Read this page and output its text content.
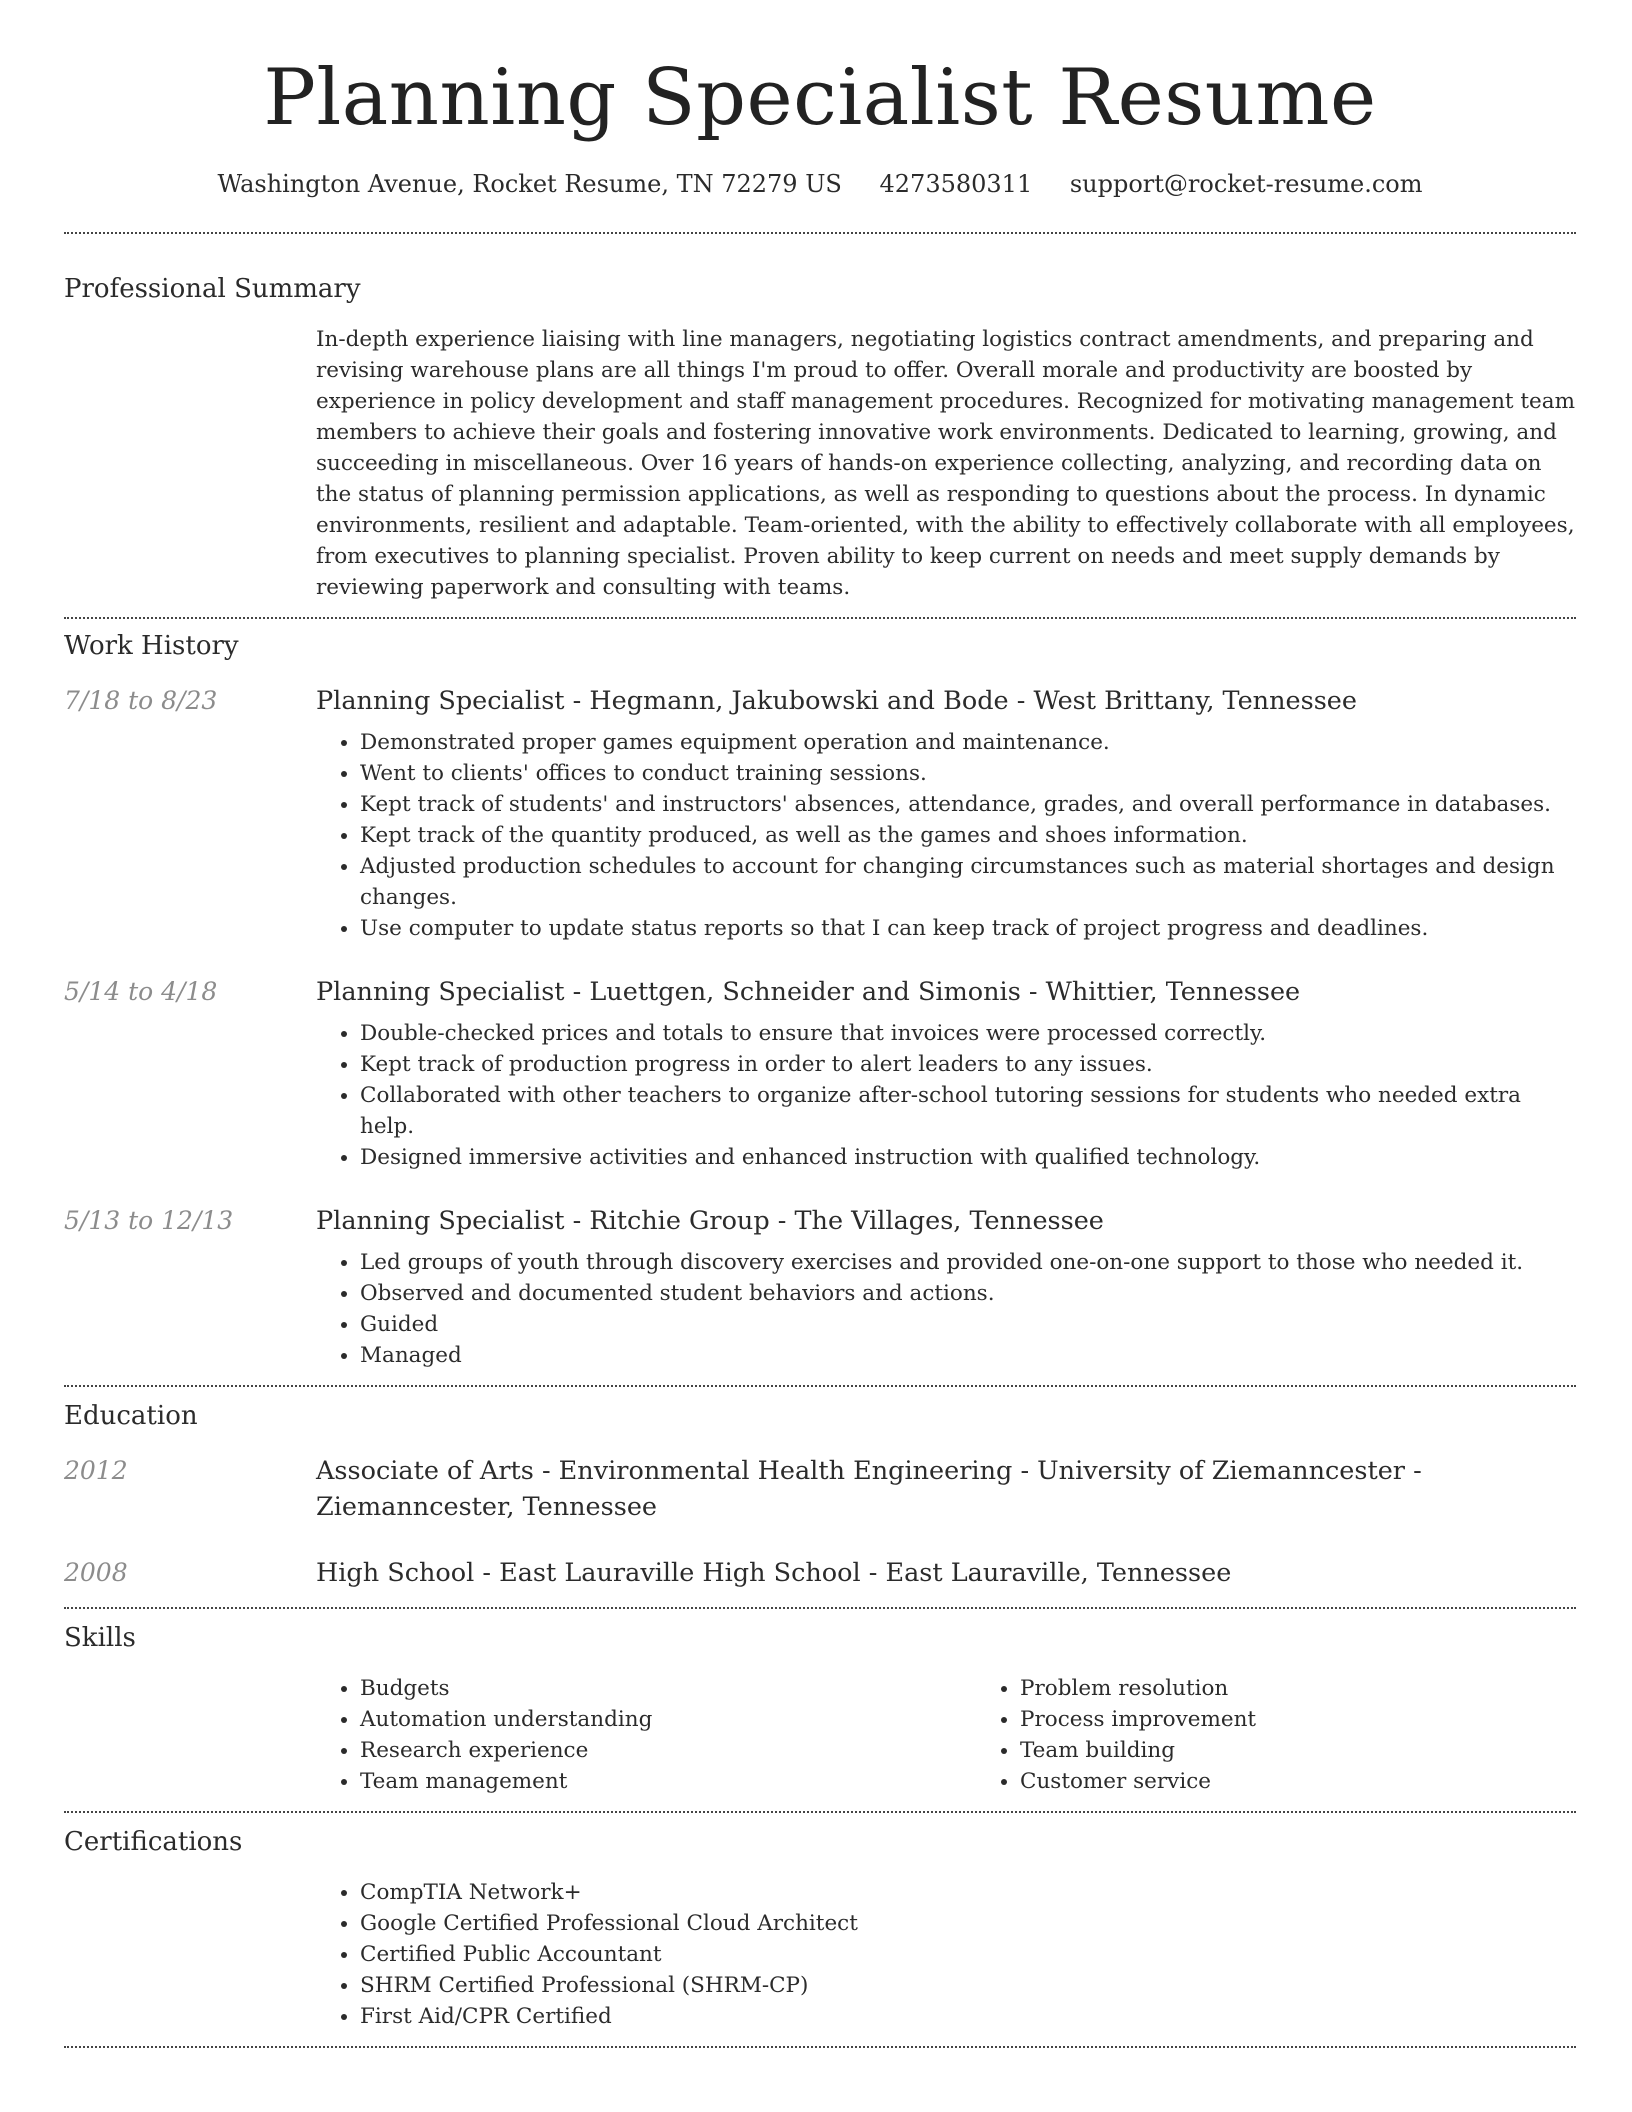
Planning Specialist Resume
Washington Avenue, Rocket Resume, TN 72279 US 4273580311 support@rocket-resume.com
Professional Summary

In-depth experience liaising with line managers, negotiating logistics contract amendments, and preparing and revising warehouse plans are all things I'm proud to offer. Overall morale and productivity are boosted by experience in policy development and staff management procedures. Recognized for motivating management team members to achieve their goals and fostering innovative work environments. Dedicated to learning, growing, and succeeding in miscellaneous. Over 16 years of hands-on experience collecting, analyzing, and recording data on the status of planning permission applications, as well as responding to questions about the process. In dynamic environments, resilient and adaptable. Team-oriented, with the ability to effectively collaborate with all employees, from executives to planning specialist. Proven ability to keep current on needs and meet supply demands by reviewing paperwork and consulting with teams.

Work History
7/18 to 8/23	Planning Specialist - Hegmann, Jakubowski and Bode - West Brittany, Tennessee
• Demonstrated proper games equipment operation and maintenance.
• Went to clients' offices to conduct training sessions.
• Kept track of students' and instructors' absences, attendance, grades, and overall performance in databases.
• Kept track of the quantity produced, as well as the games and shoes information.
• Adjusted production schedules to account for changing circumstances such as material shortages and design changes.
• Use computer to update status reports so that I can keep track of project progress and deadlines.
5/14 to 4/18	Planning Specialist - Luettgen, Schneider and Simonis - Whittier, Tennessee
• Double-checked prices and totals to ensure that invoices were processed correctly.
• Kept track of production progress in order to alert leaders to any issues.
• Collaborated with other teachers to organize after-school tutoring sessions for students who needed extra help.
• Designed immersive activities and enhanced instruction with qualified technology.
5/13 to 12/13	Planning Specialist - Ritchie Group - The Villages, Tennessee
• Led groups of youth through discovery exercises and provided one-on-one support to those who needed it.
• Observed and documented student behaviors and actions.
• Guided
• Managed
Education
2012	Associate of Arts - Environmental Health Engineering - University of Ziemanncester - Ziemanncester, Tennessee
2008	High School - East Lauraville High School - East Lauraville, Tennessee
Skills
• Budgets
• Automation understanding
• Research experience
• Team management
• Problem resolution
• Process improvement
• Team building
• Customer service
Certifications
• CompTIA Network+
• Google Certified Professional Cloud Architect
• Certified Public Accountant
• SHRM Certified Professional (SHRM-CP)
• First Aid/CPR Certified
